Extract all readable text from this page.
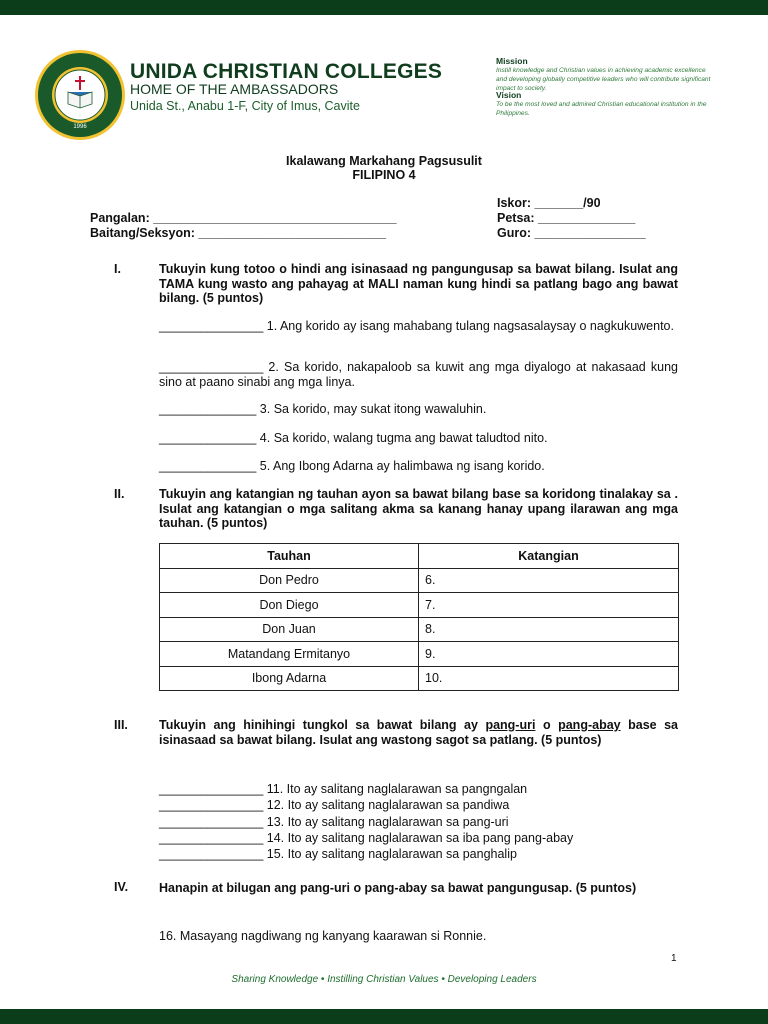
1996
UNIDA CHRISTIAN COLLEGES
HOME OF THE AMBASSADORS
Unida St., Anabu 1-F, City of Imus, Cavite
Mission
Instill knowledge and Christian values in achieving academic excellence and developing globally competitive leaders who will contribute significant impact to society.
Vision
To be the most loved and admired Christian educational institution in the Philippines.
Ikalawang Markahang Pagsusulit
FILIPINO 4
Iskor: _______/90
Pangalan: ___________________________________	Petsa: ______________
Baitang/Seksyon: ___________________________	Guro: ________________
I.	Tukuyin kung totoo o hindi ang isinasaad ng pangungusap sa bawat bilang. Isulat ang TAMA kung wasto ang pahayag at MALI naman kung hindi sa patlang bago ang bawat bilang. (5 puntos)
_______________ 1. Ang korido ay isang mahabang tulang nagsasalaysay o nagkukuwento.
_______________ 2. Sa korido, nakapaloob sa kuwit ang mga diyalogo at nakasaad kung sino at paano sinabi ang mga linya.
______________ 3. Sa korido, may sukat itong wawaluhin.
______________ 4. Sa korido, walang tugma ang bawat taludtod nito.
______________ 5. Ang Ibong Adarna ay halimbawa ng isang korido.
II.	Tukuyin ang katangian ng tauhan ayon sa bawat bilang base sa koridong tinalakay sa . Isulat ang katangian o mga salitang akma sa kanang hanay upang ilarawan ang mga tauhan. (5 puntos)
Tauhan	Katangian
Don Pedro	6.
Don Diego	7.
Don Juan	8.
Matandang Ermitanyo	9.
Ibong Adarna	10.
III. Tukuyin ang hinihingi tungkol sa bawat bilang ay pang-uri o pang-abay base sa isinasaad sa bawat bilang. Isulat ang wastong sagot sa patlang. (5 puntos)
_______________ 11. Ito ay salitang naglalarawan sa pangngalan
_______________ 12. Ito ay salitang naglalarawan sa pandiwa
_______________ 13. Ito ay salitang naglalarawan sa pang-uri
_______________ 14. Ito ay salitang naglalarawan sa iba pang pang-abay
_______________ 15. Ito ay salitang naglalarawan sa panghalip
IV. Hanapin at bilugan ang pang-uri o pang-abay sa bawat pangungusap. (5 puntos)
16. Masayang nagdiwang ng kanyang kaarawan si Ronnie.
1
Sharing Knowledge • Instilling Christian Values • Developing Leaders
